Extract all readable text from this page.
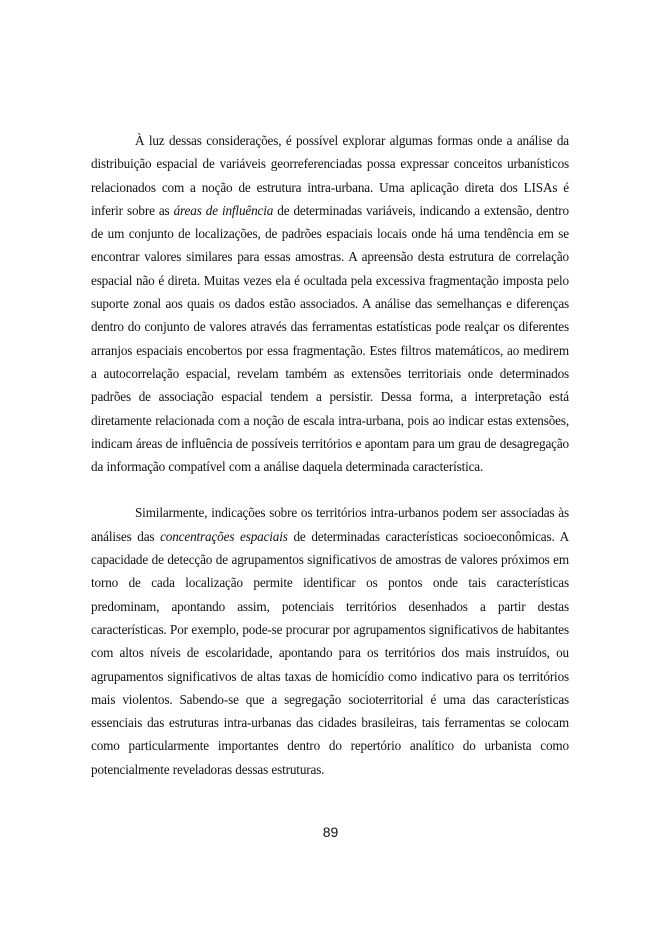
À luz dessas considerações, é possível explorar algumas formas onde a análise da distribuição espacial de variáveis georreferenciadas possa expressar conceitos urbanísticos relacionados com a noção de estrutura intra-urbana. Uma aplicação direta dos LISAs é inferir sobre as áreas de influência de determinadas variáveis, indicando a extensão, dentro de um conjunto de localizações, de padrões espaciais locais onde há uma tendência em se encontrar valores similares para essas amostras. A apreensão desta estrutura de correlação espacial não é direta. Muitas vezes ela é ocultada pela excessiva fragmentação imposta pelo suporte zonal aos quais os dados estão associados. A análise das semelhanças e diferenças dentro do conjunto de valores através das ferramentas estatísticas pode realçar os diferentes arranjos espaciais encobertos por essa fragmentação. Estes filtros matemáticos, ao medirem a autocorrelação espacial, revelam também as extensões territoriais onde determinados padrões de associação espacial tendem a persistir. Dessa forma, a interpretação está diretamente relacionada com a noção de escala intra-urbana, pois ao indicar estas extensões, indicam áreas de influência de possíveis territórios e apontam para um grau de desagregação da informação compatível com a análise daquela determinada característica.

Similarmente, indicações sobre os territórios intra-urbanos podem ser associadas às análises das concentrações espaciais de determinadas características socioeconômicas. A capacidade de detecção de agrupamentos significativos de amostras de valores próximos em torno de cada localização permite identificar os pontos onde tais características predominam, apontando assim, potenciais territórios desenhados a partir destas características. Por exemplo, pode-se procurar por agrupamentos significativos de habitantes com altos níveis de escolaridade, apontando para os territórios dos mais instruídos, ou agrupamentos significativos de altas taxas de homicídio como indicativo para os territórios mais violentos. Sabendo-se que a segregação socioterritorial é uma das características essenciais das estruturas intra-urbanas das cidades brasileiras, tais ferramentas se colocam como particularmente importantes dentro do repertório analítico do urbanista como potencialmente reveladoras dessas estruturas.

89
